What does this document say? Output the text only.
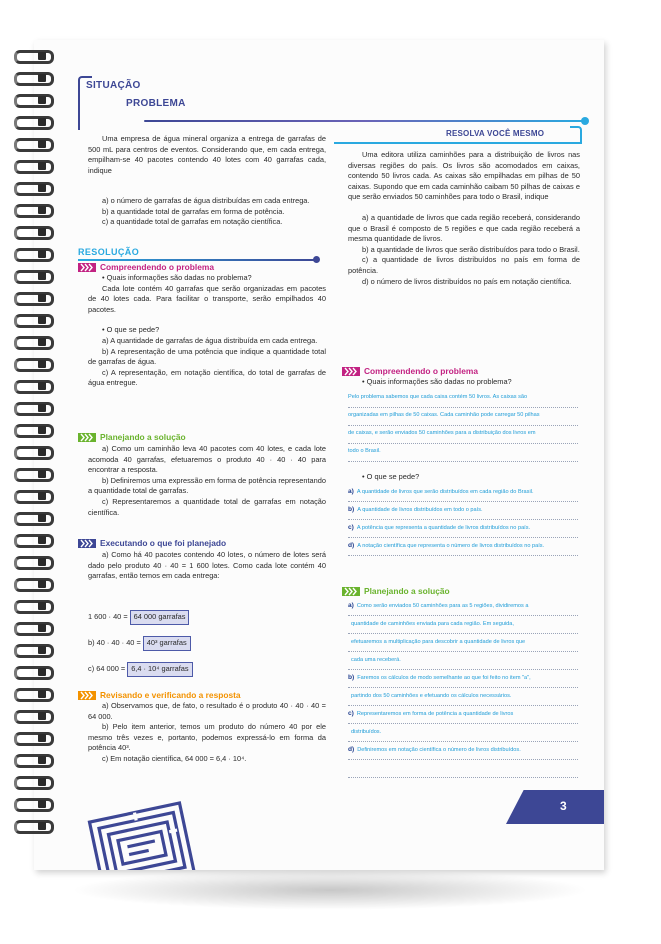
SITUAÇÃO
PROBLEMA

Uma empresa de água mineral organiza a entrega de garrafas de 500 mL para centros de eventos. Considerando que, em cada entrega, empilham-se 40 pacotes contendo 40 lotes com 40 garrafas cada, indique

a) o número de garrafas de água distribuídas em cada entrega.

b) a quantidade total de garrafas em forma de potência.

c) a quantidade total de garrafas em notação científica.

RESOLUÇÃO
Compreendendo o problema

• Quais informações são dadas no problema?

Cada lote contém 40 garrafas que serão organizadas em pacotes de 40 lotes cada. Para facilitar o transporte, serão empilhados 40 pacotes.

• O que se pede?

a) A quantidade de garrafas de água distribuída em cada entrega.

b) A representação de uma potência que indique a quantidade total de garrafas de água.

c) A representação, em notação científica, do total de garrafas de água entregue.

Planejando a solução

a) Como um caminhão leva 40 pacotes com 40 lotes, e cada lote acomoda 40 garrafas, efetuaremos o produto 40 · 40 · 40 para encontrar a resposta.

b) Definiremos uma expressão em forma de potência representando a quantidade total de garrafas.

c) Representaremos a quantidade total de garrafas em notação científica.

Executando o que foi planejado

a) Como há 40 pacotes contendo 40 lotes, o número de lotes será dado pelo produto 40 · 40 = 1 600 lotes. Como cada lote contém 40 garrafas, então temos em cada entrega:

1 600 · 40 = 64 000 garrafas
b) 40 · 40 · 40 = 40³ garrafas
c) 64 000 = 6,4 · 10⁴ garrafas
Revisando e verificando a resposta

a) Observamos que, de fato, o resultado é o produto 40 · 40 · 40 = 64 000.

b) Pelo item anterior, temos um produto do número 40 por ele mesmo três vezes e, portanto, podemos expressá-lo em forma da potência 40³.

c) Em notação científica, 64 000 = 6,4 · 10⁴.

RESOLVA VOCÊ MESMO

Uma editora utiliza caminhões para a distribuição de livros nas diversas regiões do país. Os livros são acomodados em caixas, contendo 50 livros cada. As caixas são empilhadas em pilhas de 50 caixas. Supondo que em cada caminhão caibam 50 pilhas de caixas e que serão enviados 50 caminhões para todo o Brasil, indique

a) a quantidade de livros que cada região receberá, considerando que o Brasil é composto de 5 regiões e que cada região receberá a mesma quantidade de livros.

b) a quantidade de livros que serão distribuídos para todo o Brasil.

c) a quantidade de livros distribuídos no país em forma de potência.

d) o número de livros distribuídos no país em notação científica.

Compreendendo o problema

• Quais informações são dadas no problema?

Pelo problema sabemos que cada caixa contém 50 livros. As caixas são
organizadas em pilhas de 50 caixas. Cada caminhão pode carregar 50 pilhas
de caixas, e serão enviados 50 caminhões para a distribuição dos livros em
todo o Brasil.

• O que se pede?

a) A quantidade de livros que serão distribuídos em cada região do Brasil.
b) A quantidade de livros distribuídos em todo o país.
c) A potência que representa a quantidade de livros distribuídos no país.
d) A notação científica que representa o número de livros distribuídos no país.
Planejando a solução
a) Como serão enviados 50 caminhões para as 5 regiões, dividiremos a
quantidade de caminhões enviada para cada região. Em seguida,
efetuaremos a multiplicação para descobrir a quantidade de livros que
cada uma receberá.
b) Faremos os cálculos de modo semelhante ao que foi feito no item "a",
partindo dos 50 caminhões e efetuando os cálculos necessários.
c) Representaremos em forma de potência a quantidade de livros
distribuídos.
d) Definiremos em notação científica o número de livros distribuídos.
3
